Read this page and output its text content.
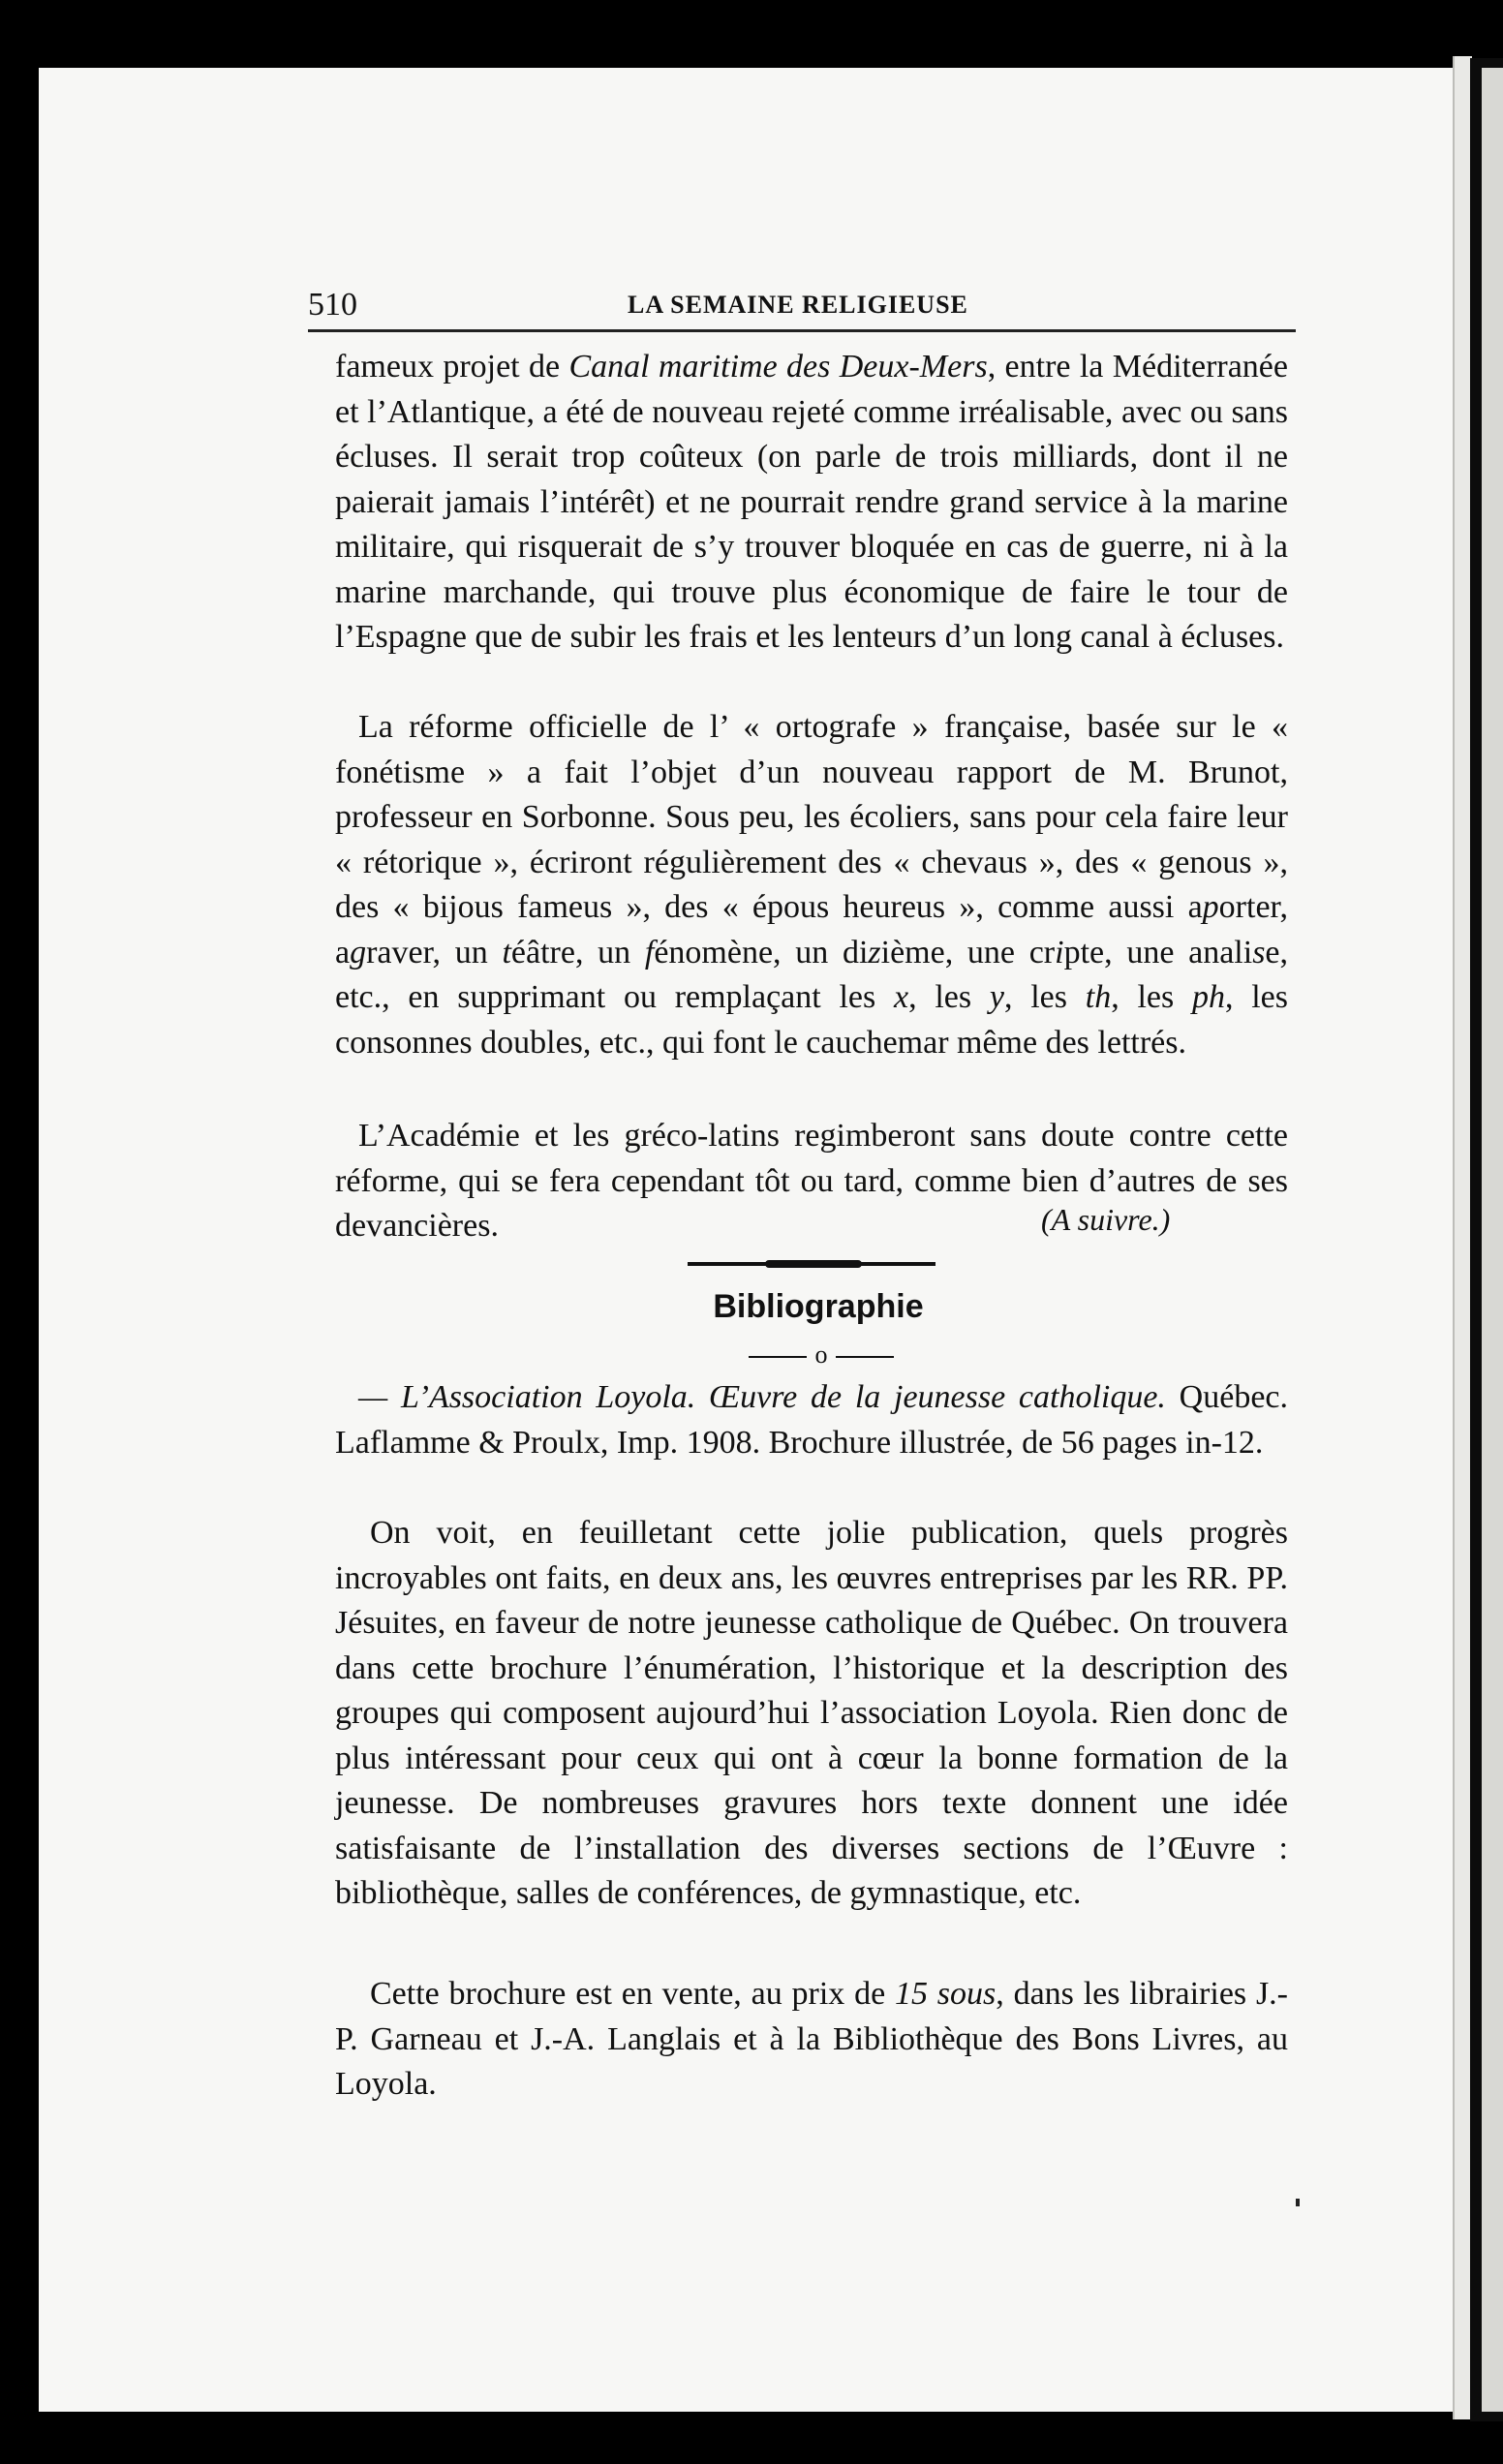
510	LA SEMAINE RELIGIEUSE

fameux projet de Canal maritime des Deux-Mers, entre la Méditerranée et l’Atlantique, a été de nouveau rejeté comme irréalisable, avec ou sans écluses. Il serait trop coûteux (on parle de trois milliards, dont il ne paierait jamais l’intérêt) et ne pourrait rendre grand service à la marine militaire, qui risquerait de s’y trouver bloquée en cas de guerre, ni à la marine marchande, qui trouve plus économique de faire le tour de l’Espagne que de subir les frais et les lenteurs d’un long canal à écluses.

La réforme officielle de l’ « ortografe » française, basée sur le « fonétisme » a fait l’objet d’un nouveau rapport de M. Brunot, professeur en Sorbonne. Sous peu, les écoliers, sans pour cela faire leur « rétorique », écriront régulièrement des « chevaus », des « genous », des « bijous fameus », des « épous heureus », comme aussi aporter, agraver, un téâtre, un fénomène, un dizième, une cripte, une analise, etc., en supprimant ou remplaçant les x, les y, les th, les ph, les consonnes doubles, etc., qui font le cauchemar même des lettrés.

L’Académie et les gréco-latins regimberont sans doute contre cette réforme, qui se fera cependant tôt ou tard, comme bien d’autres de ses devancières.	(A suivre.)
Bibliographie
o

— L’Association Loyola. Œuvre de la jeunesse catholique. Québec. Laflamme & Proulx, Imp. 1908. Brochure illustrée, de 56 pages in-12.

On voit, en feuilletant cette jolie publication, quels progrès incroyables ont faits, en deux ans, les œuvres entreprises par les RR. PP. Jésuites, en faveur de notre jeunesse catholique de Québec. On trouvera dans cette brochure l’énumération, l’historique et la description des groupes qui composent aujourd’hui l’association Loyola. Rien donc de plus intéressant pour ceux qui ont à cœur la bonne formation de la jeunesse. De nombreuses gravures hors texte donnent une idée satisfaisante de l’installation des diverses sections de l’Œuvre : bibliothèque, salles de conférences, de gymnastique, etc.

Cette brochure est en vente, au prix de 15 sous, dans les librairies J.-P. Garneau et J.-A. Langlais et à la Bibliothèque des Bons Livres, au Loyola.
